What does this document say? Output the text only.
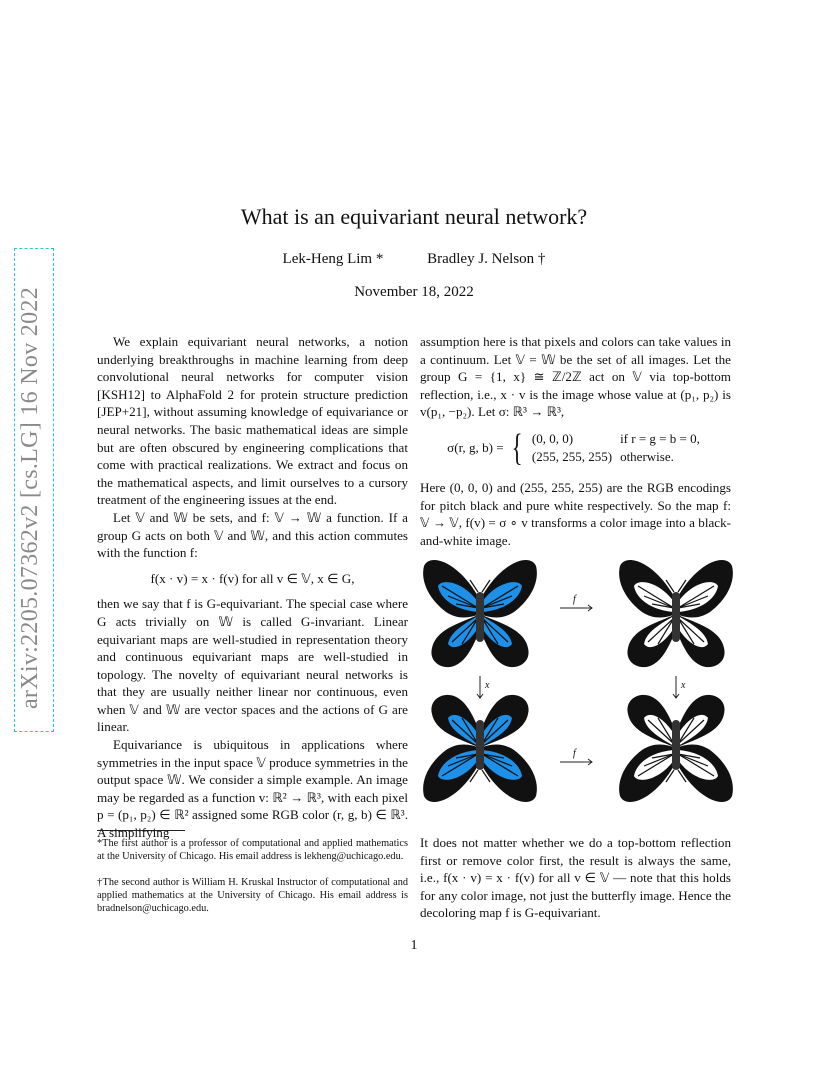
arXiv:2205.07362v2 [cs.LG] 16 Nov 2022
What is an equivariant neural network?
Lek-Heng Lim *	Bradley J. Nelson †
November 18, 2022

We explain equivariant neural networks, a notion underlying breakthroughs in machine learning from deep convolutional neural networks for computer vision [KSH12] to AlphaFold 2 for protein structure prediction [JEP+21], without assuming knowledge of equivariance or neural networks. The basic mathematical ideas are simple but are often obscured by engineering complications that come with practical realizations. We extract and focus on the mathematical aspects, and limit ourselves to a cursory treatment of the engineering issues at the end.

Let 𝕍 and 𝕎 be sets, and f: 𝕍 → 𝕎 a function. If a group G acts on both 𝕍 and 𝕎, and this action commutes with the function f:

f(x · v) = x · f(v) for all v ∈ 𝕍, x ∈ G,

then we say that f is G-equivariant. The special case where G acts trivially on 𝕎 is called G-invariant. Linear equivariant maps are well-studied in representation theory and continuous equivariant maps are well-studied in topology. The novelty of equivariant neural networks is that they are usually neither linear nor continuous, even when 𝕍 and 𝕎 are vector spaces and the actions of G are linear.

Equivariance is ubiquitous in applications where symmetries in the input space 𝕍 produce symmetries in the output space 𝕎. We consider a simple example. An image may be regarded as a function v: ℝ² → ℝ³, with each pixel p = (p₁, p₂) ∈ ℝ² assigned some RGB color (r, g, b) ∈ ℝ³. A simplifying

assumption here is that pixels and colors can take values in a continuum. Let 𝕍 = 𝕎 be the set of all images. Let the group G = {1, x} ≅ ℤ/2ℤ act on 𝕍 via top-bottom reflection, i.e., x · v is the image whose value at (p₁, p₂) is v(p₁, −p₂). Let σ: ℝ³ → ℝ³,

σ(r, g, b) = { (0, 0, 0)	if r = g = b = 0,
(255, 255, 255)	otherwise.

Here (0, 0, 0) and (255, 255, 255) are the RGB encodings for pitch black and pure white respectively. So the map f: 𝕍 → 𝕍, f(v) = σ ∘ v transforms a color image into a black-and-white image.

f
f
x	x
It does not matter whether we do a top-bottom reflection first or remove color first, the result is always the same, i.e., f(x · v) = x · f(v) for all v ∈ 𝕍 — note that this holds for any color image, not just the butterfly image. Hence the decoloring map f is G-equivariant.
*The first author is a professor of computational and applied mathematics at the University of Chicago. His email address is lekheng@uchicago.edu.
†The second author is William H. Kruskal Instructor of computational and applied mathematics at the University of Chicago. His email address is bradnelson@uchicago.edu.
1
